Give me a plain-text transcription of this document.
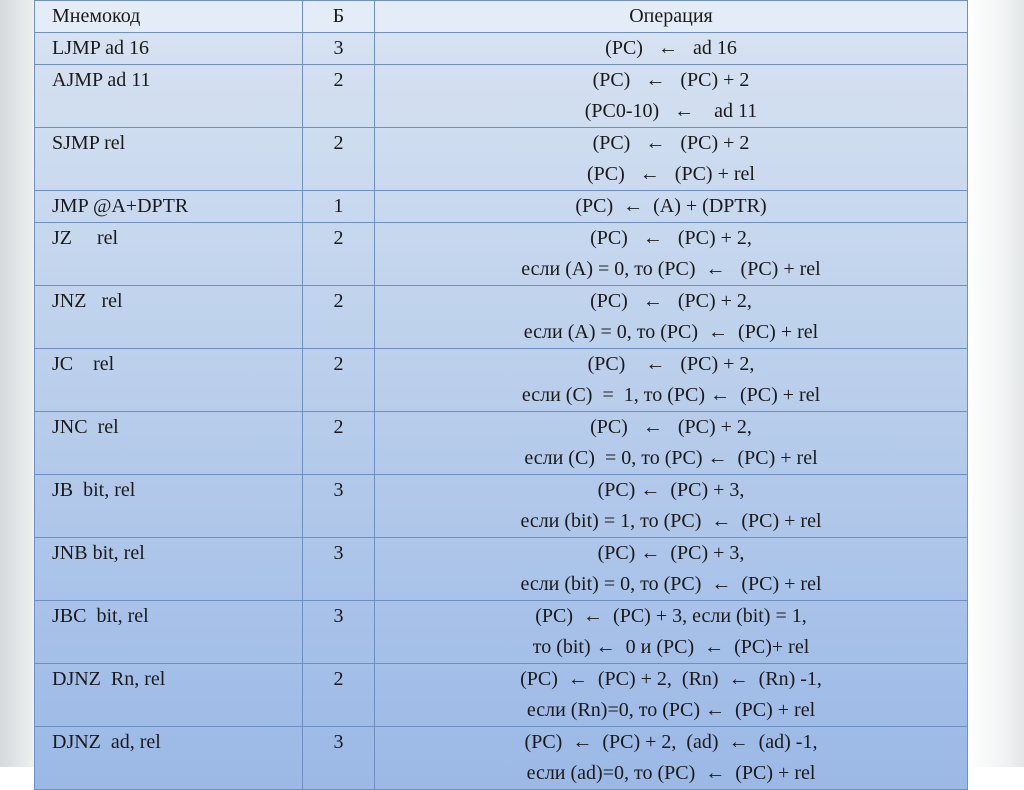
Мнемокод	Б	Операция
LJMP ad 16	3	(PC)   ←   ad 16

AJMP ad 11	2	(PC)   ←   (PC) + 2
(PC0-10)   ←    ad 11

SJMP rel	2	(PC)   ←   (PC) + 2
(PC)   ←   (PC) + rel

JMP @A+DPTR	1	(PC)  ←  (A) + (DPTR)

JZ     rel	2	(PC)   ←   (PC) + 2,
если (A) = 0, то (PC)  ←   (PC) + rel

JNZ   rel	2	(PC)   ←   (PC) + 2,
если (A) = 0, то (PC)  ←  (PC) + rel

JC    rel	2	(PC)    ←   (PC) + 2,
если (C)  =  1, то (PC) ←  (PC) + rel

JNC  rel	2	(PC)   ←   (PC) + 2,
если (C)  = 0, то (PC) ←  (PC) + rel

JB  bit, rel	3	(PC) ←  (PC) + 3,
если (bit) = 1, то (PC)  ←  (PC) + rel

JNB bit, rel	3	(PC) ←  (PC) + 3,
если (bit) = 0, то (PC)  ←  (PC) + rel

JBC  bit, rel	3	(PC)  ←  (PC) + 3, если (bit) = 1,
то (bit) ←  0 и (PC)  ←  (PC)+ rel

DJNZ  Rn, rel	2	(PC)  ←  (PC) + 2,  (Rn)  ←  (Rn) -1,
если (Rn)=0, то (PC) ←  (PC) + rel

DJNZ  ad, rel	3	(PC)  ←  (PC) + 2,  (ad)  ←  (ad) -1,
если (ad)=0, то (PC)  ←  (PC) + rel
